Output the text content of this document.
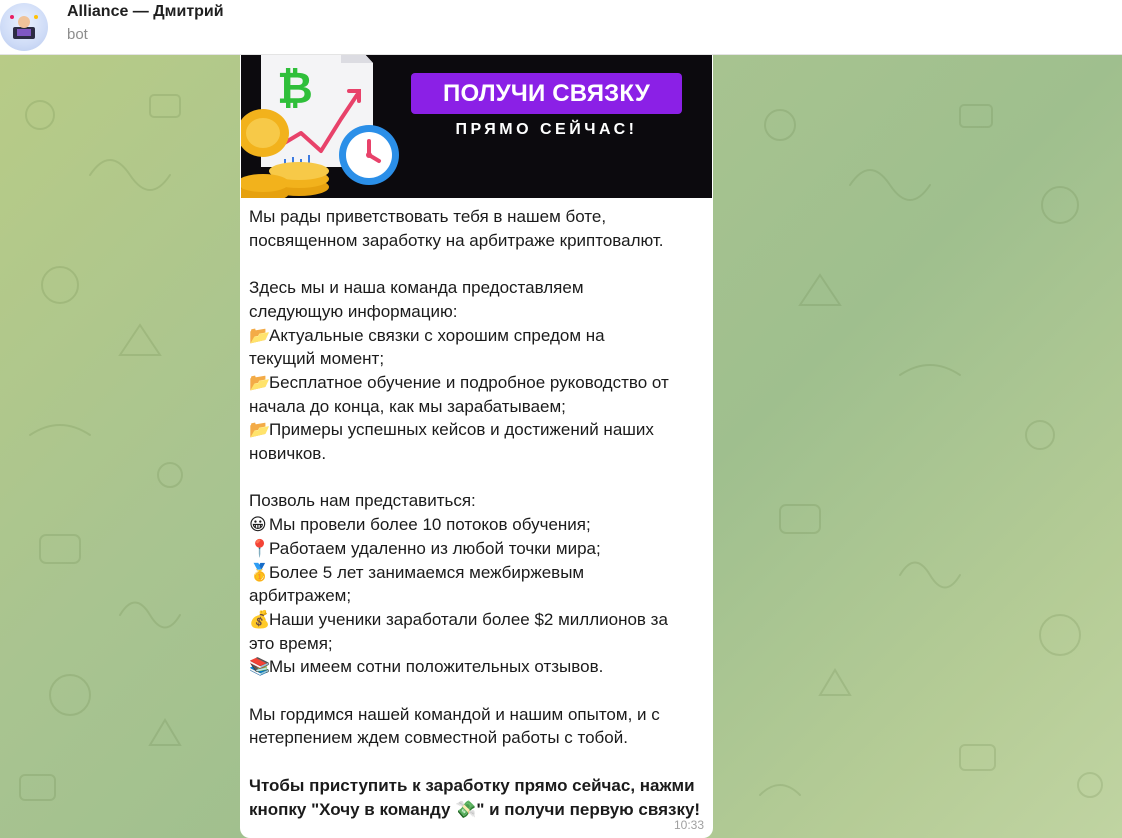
Alliance — Дмитрий
bot
₿	ПОЛУЧИ СВЯЗКУ
ПРЯМО СЕЙЧАС!

Мы рады приветствовать тебя в нашем боте,

посвященном заработку на арбитраже криптовалют.

Здесь мы и наша команда предоставляем

следующую информацию:

📂Актуальные связки с хорошим спредом на

текущий момент;

📂Бесплатное обучение и подробное руководство от

начала до конца, как мы зарабатываем;

📂Примеры успешных кейсов и достижений наших

новичков.

Позволь нам представиться:

😀 Мы провели более 10 потоков обучения;

📍Работаем удаленно из любой точки мира;

🥇Более 5 лет занимаемся межбиржевым

арбитражем;

💰Наши ученики заработали более $2 миллионов за

это время;

📚Мы имеем сотни положительных отзывов.

Мы гордимся нашей командой и нашим опытом, и с

нетерпением ждем совместной работы с тобой.

Чтобы приступить к заработку прямо сейчас, нажми

кнопку "Хочу в команду 💸" и получи первую связку!

10:33
